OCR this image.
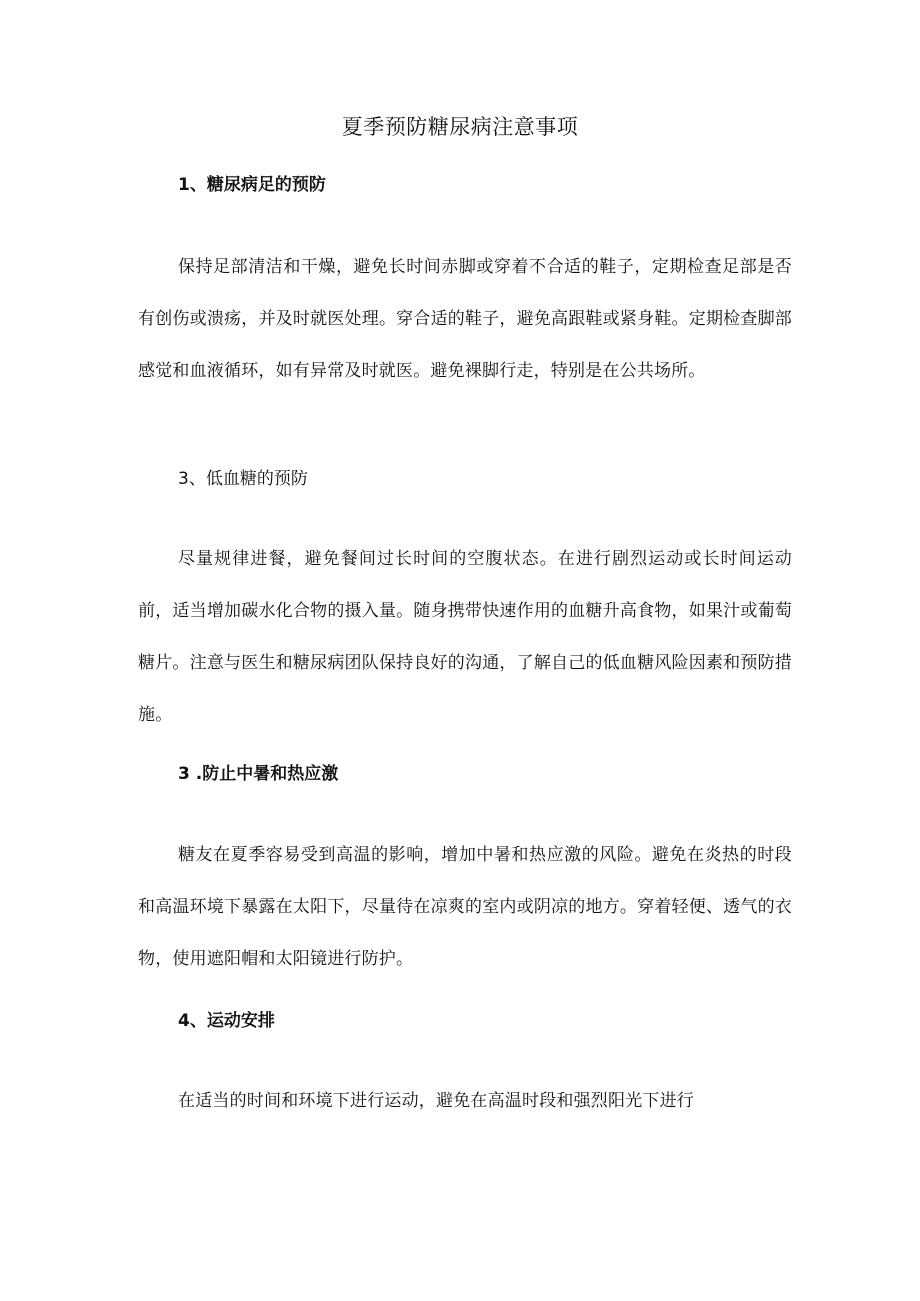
夏季预防糖尿病注意事项
1、糖尿病足的预防

保持足部清洁和干燥，避免长时间赤脚或穿着不合适的鞋子，定期检查足部是否有创伤或溃疡，并及时就医处理。穿合适的鞋子，避免高跟鞋或紧身鞋。定期检查脚部感觉和血液循环，如有异常及时就医。避免裸脚行走，特别是在公共场所。

3、低血糖的预防

尽量规律进餐，避免餐间过长时间的空腹状态。在进行剧烈运动或长时间运动前，适当增加碳水化合物的摄入量。随身携带快速作用的血糖升高食物，如果汁或葡萄糖片。注意与医生和糖尿病团队保持良好的沟通，了解自己的低血糖风险因素和预防措施。

3 .防止中暑和热应激

糖友在夏季容易受到高温的影响，增加中暑和热应激的风险。避免在炎热的时段和高温环境下暴露在太阳下，尽量待在凉爽的室内或阴凉的地方。穿着轻便、透气的衣物，使用遮阳帽和太阳镜进行防护。

4、运动安排

在适当的时间和环境下进行运动，避免在高温时段和强烈阳光下进行
